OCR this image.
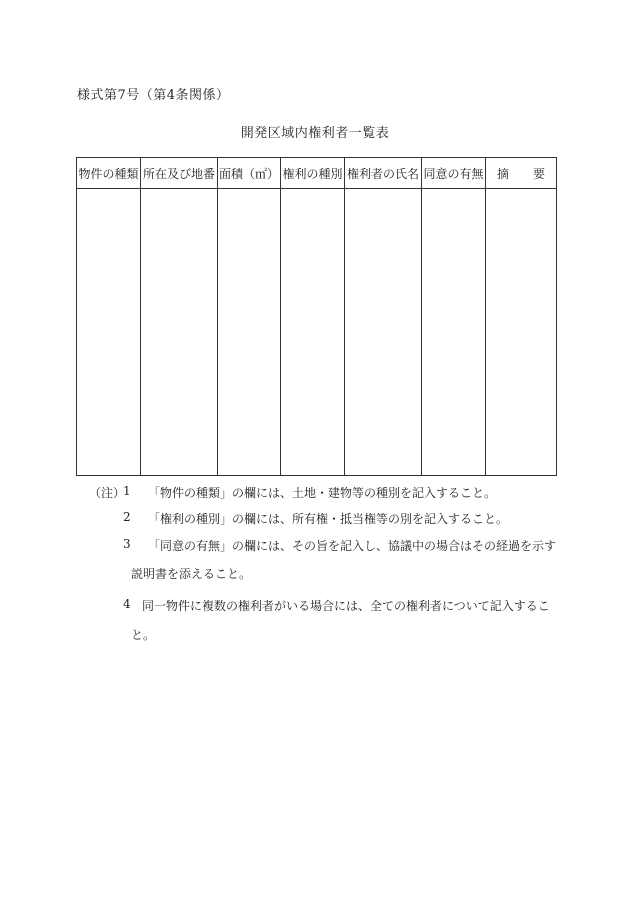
様式第7号（第4条関係）
開発区域内権利者一覧表
物件の種類	所在及び地番	面積（㎡）	権利の種別	権利者の氏名	同意の有無	摘　　要

（注）
1 「物件の種類」の欄には、土地・建物等の種別を記入すること。
2 「権利の種別」の欄には、所有権・抵当権等の別を記入すること。
3 「同意の有無」の欄には、その旨を記入し、協議中の場合はその経過を示す
説明書を添えること。
4 同一物件に複数の権利者がいる場合には、全ての権利者について記入するこ
と。
